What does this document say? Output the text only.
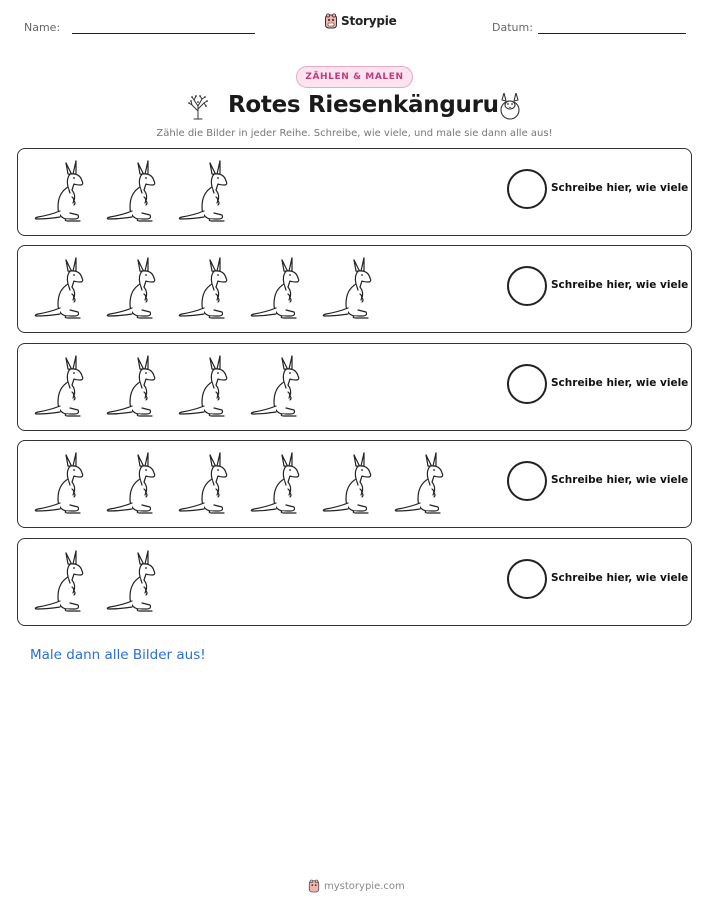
Name:	Datum:
Storypie
ZÄHLEN & MALEN
Rotes Riesenkänguru
Zähle die Bilder in jeder Reihe. Schreibe, wie viele, und male sie dann alle aus!
Schreibe hier, wie viele
Schreibe hier, wie viele
Schreibe hier, wie viele
Schreibe hier, wie viele
Schreibe hier, wie viele
Male dann alle Bilder aus!
mystorypie.com
